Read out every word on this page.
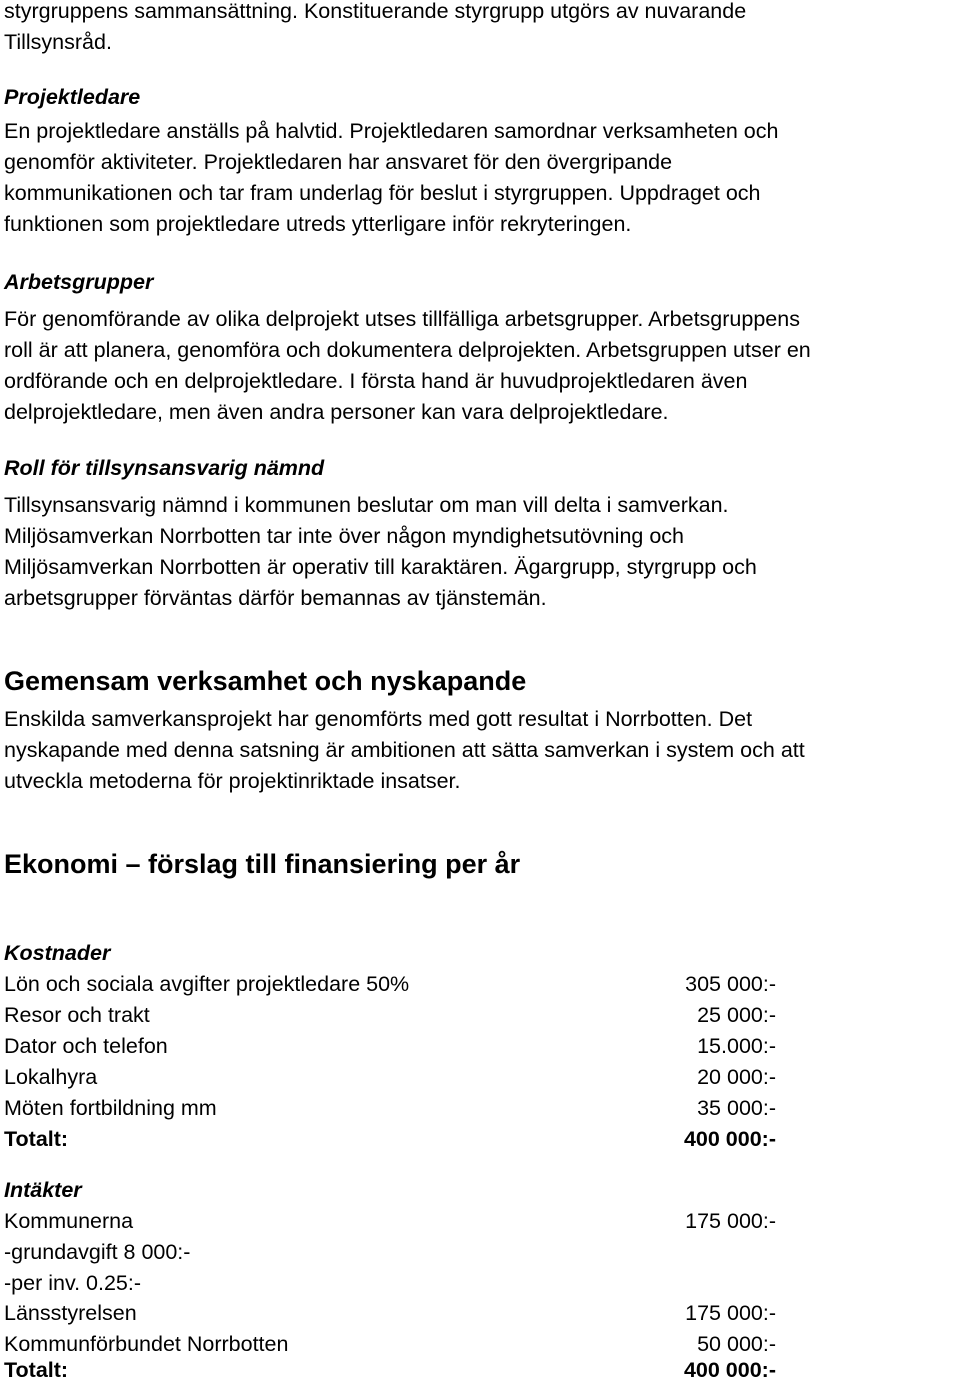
styrgruppens sammansättning. Konstituerande styrgrupp utgörs av nuvarande

Tillsynsråd.

Projektledare

En projektledare anställs på halvtid. Projektledaren samordnar verksamheten och

genomför aktiviteter. Projektledaren har ansvaret för den övergripande

kommunikationen och tar fram underlag för beslut i styrgruppen. Uppdraget och

funktionen som projektledare utreds ytterligare inför rekryteringen.

Arbetsgrupper

För genomförande av olika delprojekt utses tillfälliga arbetsgrupper. Arbetsgruppens

roll är att planera, genomföra och dokumentera delprojekten. Arbetsgruppen utser en

ordförande och en delprojektledare. I första hand är huvudprojektledaren även

delprojektledare, men även andra personer kan vara delprojektledare.

Roll för tillsynsansvarig nämnd

Tillsynsansvarig nämnd i kommunen beslutar om man vill delta i samverkan.

Miljösamverkan Norrbotten tar inte över någon myndighetsutövning och

Miljösamverkan Norrbotten är operativ till karaktären. Ägargrupp, styrgrupp och

arbetsgrupper förväntas därför bemannas av tjänstemän.

Gemensam verksamhet och nyskapande

Enskilda samverkansprojekt har genomförts med gott resultat i Norrbotten. Det

nyskapande med denna satsning är ambitionen att sätta samverkan i system och att

utveckla metoderna för projektinriktade insatser.

Ekonomi – förslag till finansiering per år
Kostnader
Lön och sociala avgifter projektledare 50%	305 000:-
Resor och trakt	25 000:-
Dator och telefon	15.000:-
Lokalhyra	20 000:-
Möten fortbildning mm	35 000:-
Totalt:	400 000:-
Intäkter
Kommunerna	175 000:-
-grundavgift 8 000:-
-per inv. 0.25:-
Länsstyrelsen	175 000:-
Kommunförbundet Norrbotten	50 000:-
Totalt:	400 000:-
